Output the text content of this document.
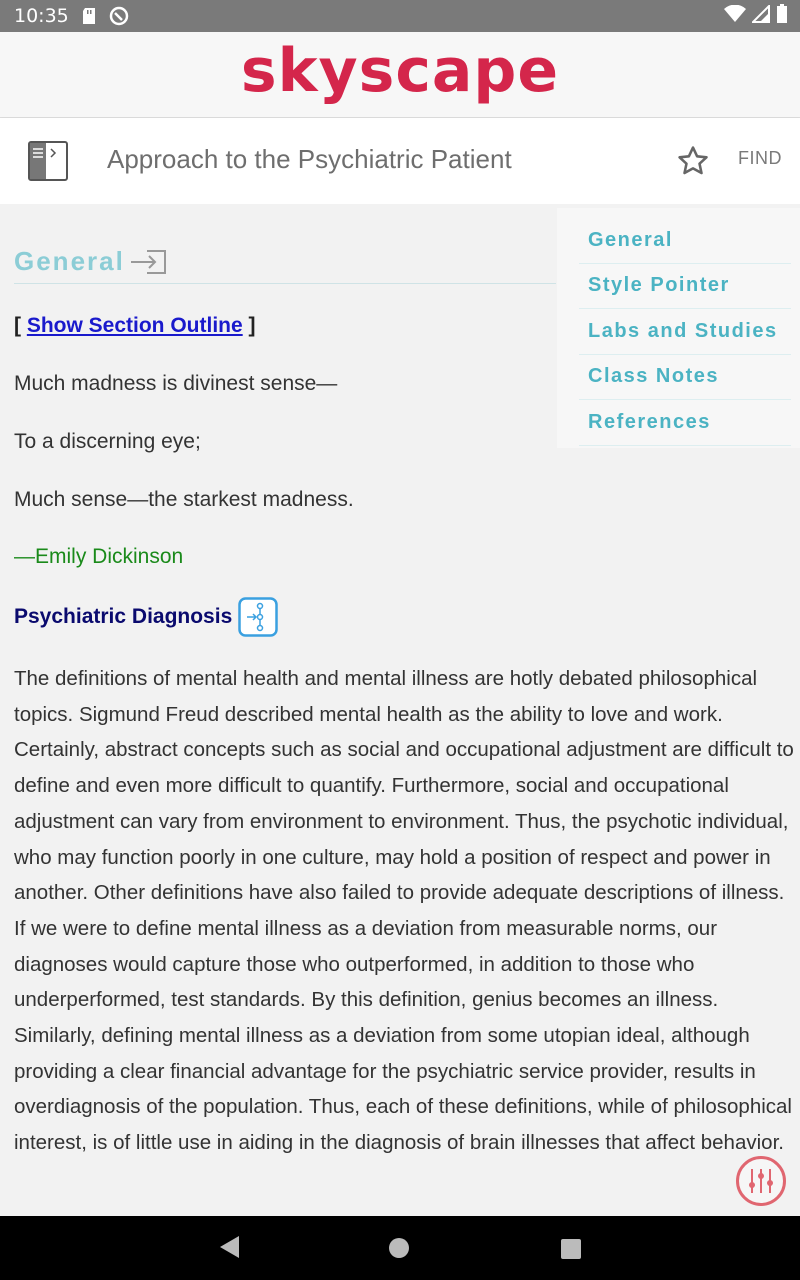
10:35
skyscape
Approach to the Psychiatric Patient	FIND
General
[ Show Section Outline ]
Much madness is divinest sense—
To a discerning eye;
Much sense—the starkest madness.
—Emily Dickinson
Psychiatric Diagnosis
The definitions of mental health and mental illness are hotly debated philosophical topics. Sigmund Freud described mental health as the ability to love and work. Certainly, abstract concepts such as social and occupational adjustment are difficult to define and even more difficult to quantify. Furthermore, social and occupational adjustment can vary from environment to environment. Thus, the psychotic individual, who may function poorly in one culture, may hold a position of respect and power in another. Other definitions have also failed to provide adequate descriptions of illness. If we were to define mental illness as a deviation from measurable norms, our diagnoses would capture those who outperformed, in addition to those who underperformed, test standards. By this definition, genius becomes an illness. Similarly, defining mental illness as a deviation from some utopian ideal, although providing a clear financial advantage for the psychiatric service provider, results in overdiagnosis of the population. Thus, each of these definitions, while of philosophical interest, is of little use in aiding in the diagnosis of brain illnesses that affect behavior.
General
Style Pointer
Labs and Studies
Class Notes
References
